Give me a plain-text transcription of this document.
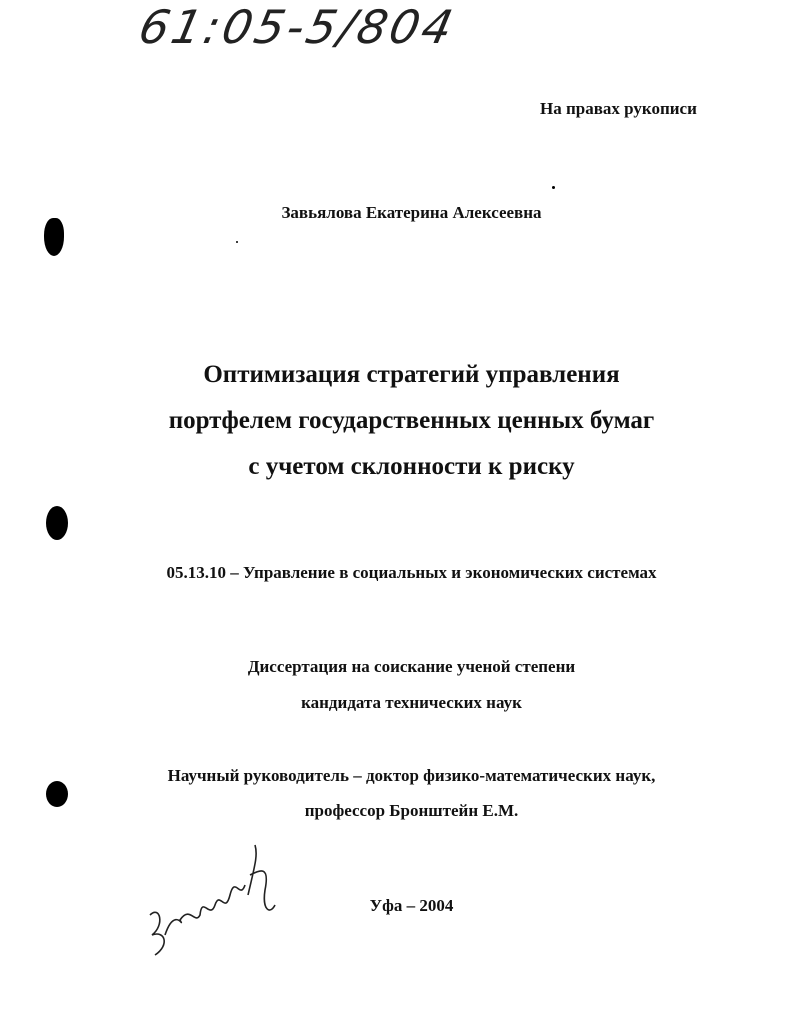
61:05-5/804
На правах рукописи
Завьялова Екатерина Алексеевна
Оптимизация стратегий управления
портфелем государственных ценных бумаг
с учетом склонности к риску
05.13.10 – Управление в социальных и экономических системах
Диссертация на соискание ученой степени
кандидата технических наук
Научный руководитель – доктор физико-математических наук,
профессор Бронштейн Е.М.
Уфа – 2004
